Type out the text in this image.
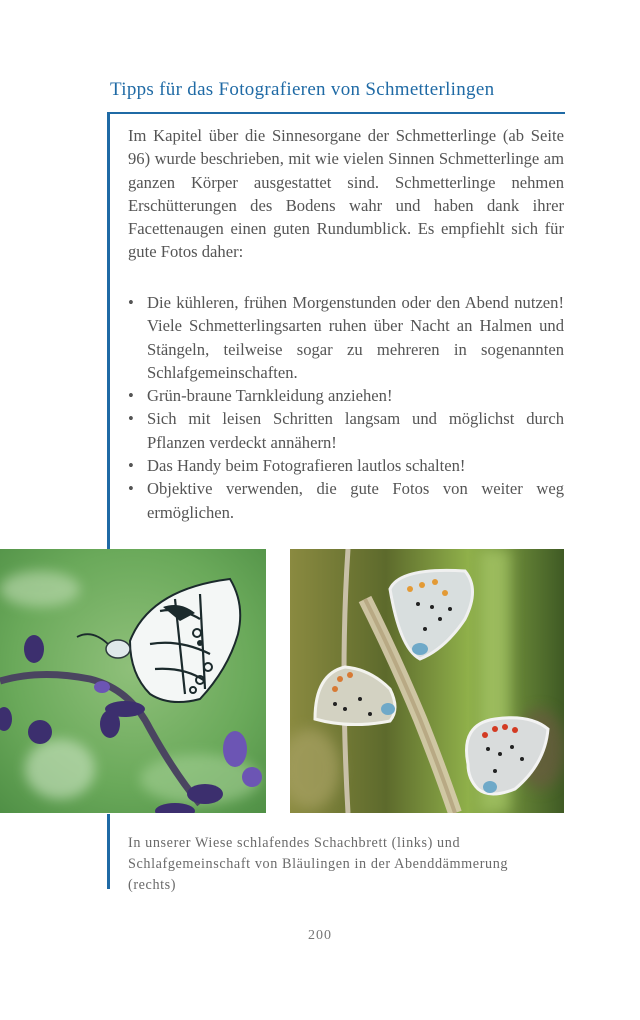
Tipps für das Fotografieren von Schmetterlingen

Im Kapitel über die Sinnesorgane der Schmetterlinge (ab Seite 96) wurde beschrieben, mit wie vielen Sinnen Schmetterlinge am ganzen Körper ausgestattet sind. Schmetterlinge nehmen Erschütterungen des Bodens wahr und haben dank ihrer Facettenaugen einen guten Rundumblick. Es empfiehlt sich für gute Fotos daher:

• Die kühleren, frühen Morgenstunden oder den Abend nutzen! Viele Schmetterlingsarten ruhen über Nacht an Halmen und Stängeln, teilweise sogar zu mehreren in sogenannten Schlafgemeinschaften.
• Grün-braune Tarnkleidung anziehen!
• Sich mit leisen Schritten langsam und möglichst durch Pflanzen verdeckt annähern!
• Das Handy beim Fotografieren lautlos schalten!
• Objektive verwenden, die gute Fotos von weiter weg ermöglichen.

In unserer Wiese schlafendes Schachbrett (links) und Schlafgemeinschaft von Bläulingen in der Abenddämmerung (rechts)

200
